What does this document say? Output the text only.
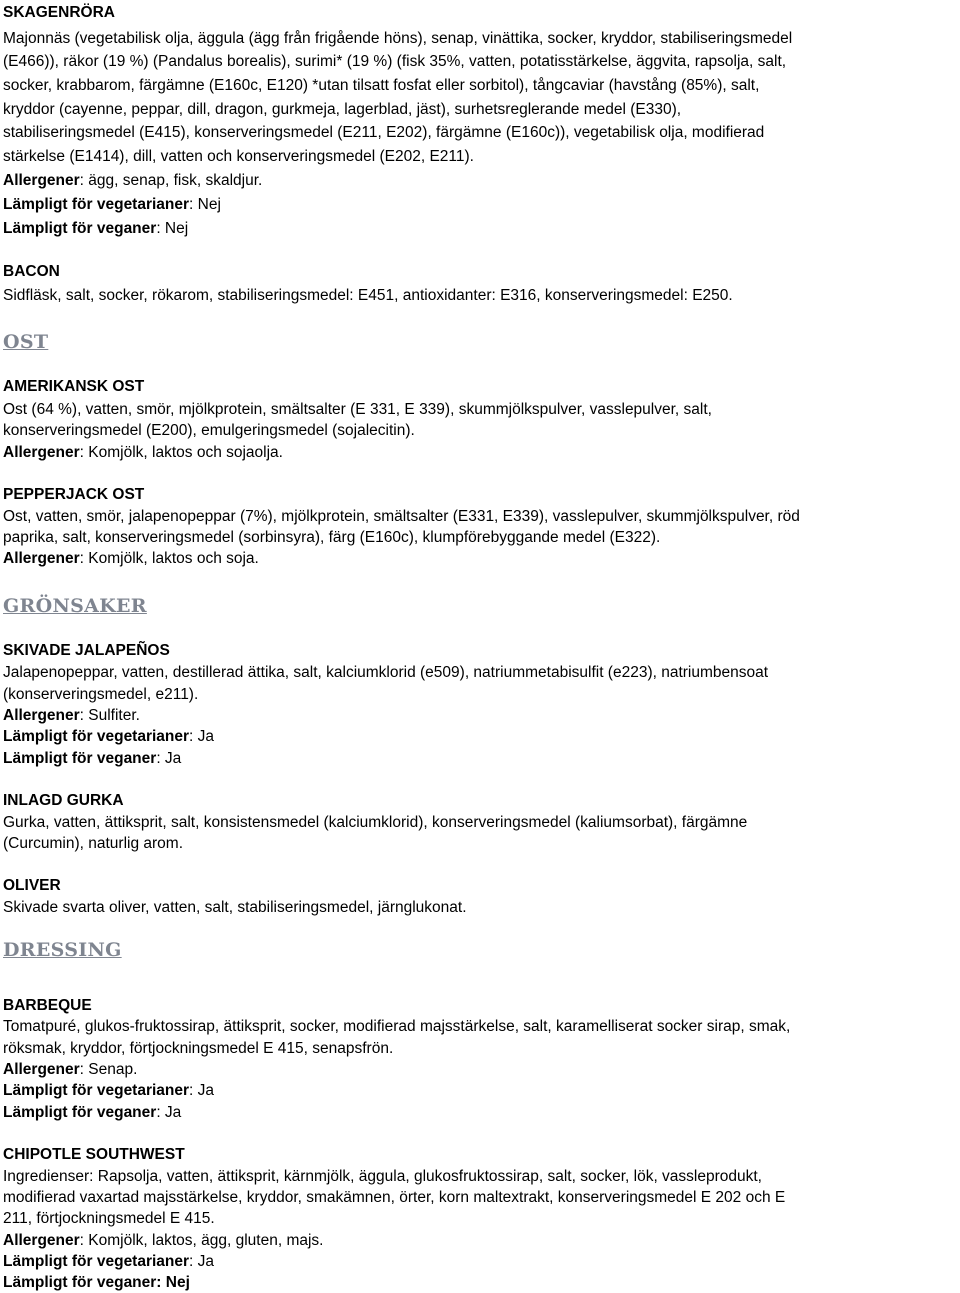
SKAGENRÖRA
Majonnäs (vegetabilisk olja, äggula (ägg från frigående höns), senap, vinättika, socker, kryddor, stabiliseringsmedel
(E466)), räkor (19 %) (Pandalus borealis), surimi* (19 %) (fisk 35%, vatten, potatisstärkelse, äggvita, rapsolja, salt,
socker, krabbarom, färgämne (E160c, E120) *utan tilsatt fosfat eller sorbitol), tångcaviar (havstång (85%), salt,
kryddor (cayenne, peppar, dill, dragon, gurkmeja, lagerblad, jäst), surhetsreglerande medel (E330),
stabiliseringsmedel (E415), konserveringsmedel (E211, E202), färgämne (E160c)), vegetabilisk olja, modifierad
stärkelse (E1414), dill, vatten och konserveringsmedel (E202, E211).
Allergener: ägg, senap, fisk, skaldjur.
Lämpligt för vegetarianer: Nej
Lämpligt för veganer: Nej
BACON
Sidfläsk, salt, socker, rökarom, stabiliseringsmedel: E451, antioxidanter: E316, konserveringsmedel: E250.
OST
AMERIKANSK OST
Ost (64 %), vatten, smör, mjölkprotein, smältsalter (E 331, E 339), skummjölkspulver, vasslepulver, salt,
konserveringsmedel (E200), emulgeringsmedel (sojalecitin).
Allergener: Komjölk, laktos och sojaolja.
PEPPERJACK OST
Ost, vatten, smör, jalapenopeppar (7%), mjölkprotein, smältsalter (E331, E339), vasslepulver, skummjölkspulver, röd
paprika, salt, konserveringsmedel (sorbinsyra), färg (E160c), klumpförebyggande medel (E322).
Allergener: Komjölk, laktos och soja.
GRÖNSAKER
SKIVADE JALAPEÑOS
Jalapenopeppar, vatten, destillerad ättika, salt, kalciumklorid (e509), natriummetabisulfit (e223), natriumbensoat
(konserveringsmedel, e211).
Allergener: Sulfiter.
Lämpligt för vegetarianer: Ja
Lämpligt för veganer: Ja
INLAGD GURKA
Gurka, vatten, ättiksprit, salt, konsistensmedel (kalciumklorid), konserveringsmedel (kaliumsorbat), färgämne
(Curcumin), naturlig arom.
OLIVER
Skivade svarta oliver, vatten, salt, stabiliseringsmedel, järnglukonat.
DRESSING
BARBEQUE
Tomatpuré, glukos-fruktossirap, ättiksprit, socker, modifierad majsstärkelse, salt, karamelliserat socker sirap, smak,
röksmak, kryddor, förtjockningsmedel E 415, senapsfrön.
Allergener: Senap.
Lämpligt för vegetarianer: Ja
Lämpligt för veganer: Ja
CHIPOTLE SOUTHWEST
Ingredienser: Rapsolja, vatten, ättiksprit, kärnmjölk, äggula, glukosfruktossirap, salt, socker, lök, vassleprodukt,
modifierad vaxartad majsstärkelse, kryddor, smakämnen, örter, korn maltextrakt, konserveringsmedel E 202 och E
211, förtjockningsmedel E 415.
Allergener: Komjölk, laktos, ägg, gluten, majs.
Lämpligt för vegetarianer: Ja
Lämpligt för veganer: Nej
